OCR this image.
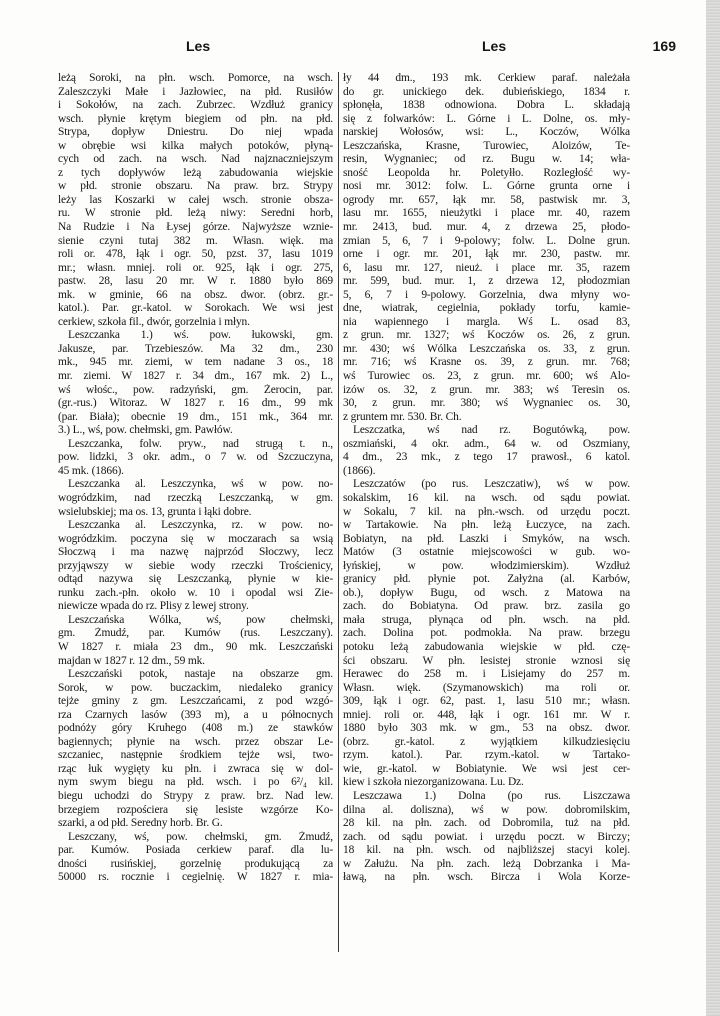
Les	Les	169
leżą Soroki, na płn. wsch. Pomorce, na wsch.
Zaleszczyki Małe i Jazłowiec, na płd. Rusiłów
i Sokołów, na zach. Zubrzec. Wzdłuż granicy
wsch. płynie krętym biegiem od płn. na płd.
Strypa, dopływ Dniestru. Do niej wpada
w obrębie wsi kilka małych potoków, płyną-
cych od zach. na wsch. Nad najznaczniejszym
z tych dopływów leżą zabudowania wiejskie
w płd. stronie obszaru. Na praw. brz. Strypy
leży las Koszarki w całej wsch. stronie obsza-
ru. W stronie płd. leżą niwy: Seredni horb,
Na Rudzie i Na Łysej górze. Najwyższe wznie-
sienie czyni tutaj 382 m. Własn. więk. ma
roli or. 478, łąk i ogr. 50, pzst. 37, lasu 1019
mr.; własn. mniej. roli or. 925, łąk i ogr. 275,
pastw. 28, lasu 20 mr. W r. 1880 było 869
mk. w gminie, 66 na obsz. dwor. (obrz. gr.-
katol.). Par. gr.-katol. w Sorokach. We wsi jest
cerkiew, szkoła fil., dwór, gorzelnia i młyn.
Leszczanka 1.) wś. pow. łukowski, gm.
Jakusze, par. Trzebieszów. Ma 32 dm., 230
mk., 945 mr. ziemi, w tem nadane 3 os., 18
mr. ziemi. W 1827 r. 34 dm., 167 mk. 2) L.,
wś włośc., pow. radzyński, gm. Żerocin, par.
(gr.-rus.) Witoraz. W 1827 r. 16 dm., 99 mk
(par. Biała); obecnie 19 dm., 151 mk., 364 mr.
3.) L., wś, pow. chełmski, gm. Pawłów.
Leszczanka, folw. pryw., nad strugą t. n.,
pow. lidzki, 3 okr. adm., o 7 w. od Szczuczyna,
45 mk. (1866).
Leszczanka al. Leszczynka, wś w pow. no-
wogródzkim, nad rzeczką Leszczanką, w gm.
wsielubskiej; ma os. 13, grunta i łąki dobre.
Leszczanka al. Leszczynka, rz. w pow. no-
wogródzkim. poczyna się w moczarach sa wsią
Słoczwą i ma nazwę najprzód Słoczwy, lecz
przyjąwszy w siebie wody rzeczki Trościenicy,
odtąd nazywa się Leszczanką, płynie w kie-
runku zach.-płn. około w. 10 i opodal wsi Zie-
niewicze wpada do rz. Plisy z lewej strony.
Leszczańska Wólka, wś, pow chełmski,
gm. Żmudź, par. Kumów (rus. Leszczany).
W 1827 r. miała 23 dm., 90 mk. Leszczański
majdan w 1827 r. 12 dm., 59 mk.
Leszczański potok, nastaje na obszarze gm.
Sorok, w pow. buczackim, niedaleko granicy
tejże gminy z gm. Leszczańcami, z pod wzgó-
rza Czarnych lasów (393 m), a u północnych
podnóży góry Kruhego (408 m.) ze stawków
bagiennych; płynie na wsch. przez obszar Le-
szczaniec, następnie środkiem tejże wsi, two-
rząc łuk wygięty ku płn. i zwraca się w dol-
nym swym biegu na płd. wsch. i po 6²/₄ kil.
biegu uchodzi do Strypy z praw. brz. Nad lew.
brzegiem rozpościera się lesiste wzgórze Ko-
szarki, a od płd. Seredny horb. Br. G.
Leszczany, wś, pow. chełmski, gm. Żmudź,
par. Kumów. Posiada cerkiew paraf. dla lu-
dności rusińskiej, gorzelnię produkującą za
50000 rs. rocznie i cegielnię. W 1827 r. mia-
ły 44 dm., 193 mk. Cerkiew paraf. należała
do gr. unickiego dek. dubieńskiego, 1834 r.
spłonęła, 1838 odnowiona. Dobra L. składają
się z folwarków: L. Górne i L. Dolne, os. mły-
narskiej Wołosów, wsi: L., Koczów, Wólka
Leszczańska, Krasne, Turowiec, Aloizów, Te-
resin, Wygnaniec; od rz. Bugu w. 14; wła-
sność Leopolda hr. Poletyłło. Rozległość wy-
nosi mr. 3012: folw. L. Górne grunta orne i
ogrody mr. 657, łąk mr. 58, pastwisk mr. 3,
lasu mr. 1655, nieużytki i place mr. 40, razem
mr. 2413, bud. mur. 4, z drzewa 25, płodo-
zmian 5, 6, 7 i 9-polowy; folw. L. Dolne grun.
orne i ogr. mr. 201, łąk mr. 230, pastw. mr.
6, lasu mr. 127, nieuż. i place mr. 35, razem
mr. 599, bud. mur. 1, z drzewa 12, płodozmian
5, 6, 7 i 9-polowy. Gorzelnia, dwa młyny wo-
dne, wiatrak, cegielnia, pokłady torfu, kamie-
nia wapiennego i margla. Wś L. osad 83,
z grun. mr. 1327; wś Koczów os. 26, z grun.
mr. 430; wś Wólka Leszczańska os. 33, z grun.
mr. 716; wś Krasne os. 39, z grun. mr. 768;
wś Turowiec os. 23, z grun. mr. 600; wś Alo-
izów os. 32, z grun. mr. 383; wś Teresin os.
30, z grun. mr. 380; wś Wygnaniec os. 30,
z gruntem mr. 530. Br. Ch.
Leszczatka, wś nad rz. Bogutówką, pow.
oszmiański, 4 okr. adm., 64 w. od Oszmiany,
4 dm., 23 mk., z tego 17 prawosł., 6 katol.
(1866).
Leszczatów (po rus. Leszczatiw), wś w pow.
sokalskim, 16 kil. na wsch. od sądu powiat.
w Sokalu, 7 kil. na płn.-wsch. od urzędu poczt.
w Tartakowie. Na płn. leżą Łuczyce, na zach.
Bobiatyn, na płd. Laszki i Smyków, na wsch.
Matów (3 ostatnie miejscowości w gub. wo-
łyńskiej, w pow. włodzimierskim). Wzdłuż
granicy płd. płynie pot. Załyżna (al. Karbów,
ob.), dopływ Bugu, od wsch. z Matowa na
zach. do Bobiatyna. Od praw. brz. zasila go
mała struga, płynąca od płn. wsch. na płd.
zach. Dolina pot. podmokła. Na praw. brzegu
potoku leżą zabudowania wiejskie w płd. czę-
ści obszaru. W płn. lesistej stronie wznosi się
Herawec do 258 m. i Lisiejamy do 257 m.
Własn. więk. (Szymanowskich) ma roli or.
309, łąk i ogr. 62, past. 1, lasu 510 mr.; własn.
mniej. roli or. 448, łąk i ogr. 161 mr. W r.
1880 było 303 mk. w gm., 53 na obsz. dwor.
(obrz. gr.-katol. z wyjątkiem kilkudziesięciu
rzym. katol.). Par. rzym.-katol. w Tartako-
wie, gr.-katol. w Bobiatynie. We wsi jest cer-
kiew i szkoła niezorganizowana. Lu. Dz.
Leszczawa 1.) Dolna (po rus. Liszczawa
dilna al. doliszna), wś w pow. dobromilskim,
28 kil. na płn. zach. od Dobromila, tuż na płd.
zach. od sądu powiat. i urzędu poczt. w Birczy;
18 kil. na płn. wsch. od najbliższej stacyi kolej.
w Załużu. Na płn. zach. leżą Dobrzanka i Ma-
ławą, na płn. wsch. Bircza i Wola Korze-
